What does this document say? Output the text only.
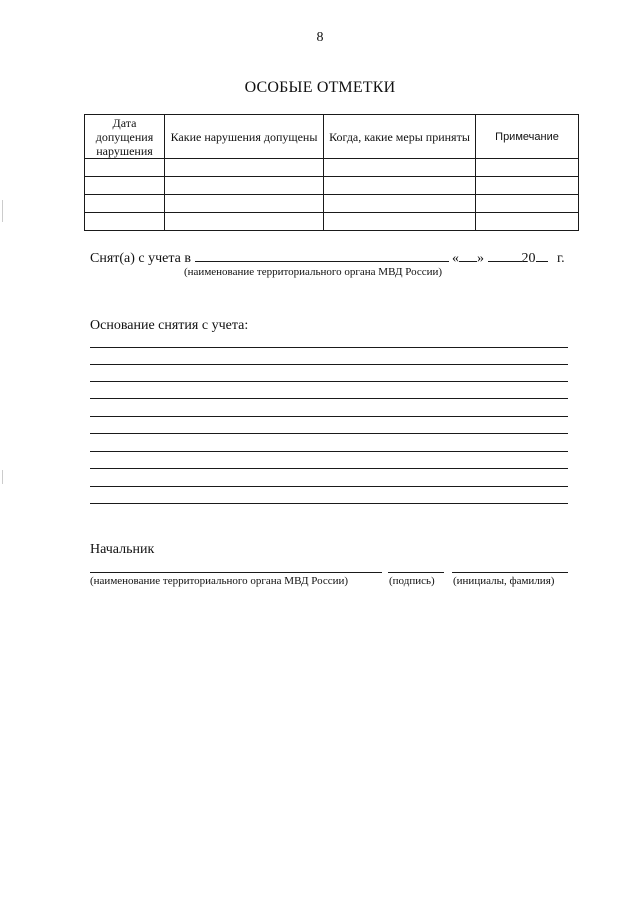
8
ОСОБЫЕ ОТМЕТКИ
Дата допущения нарушения	Какие нарушения допущены	Когда, какие меры приняты	Примечание

Снят(а) с учета в	« »	20 г.
(наименование территориального органа МВД России)
Основание снятия с учета:
Начальник
(наименование территориального органа МВД России)	(подпись) (инициалы, фамилия)
